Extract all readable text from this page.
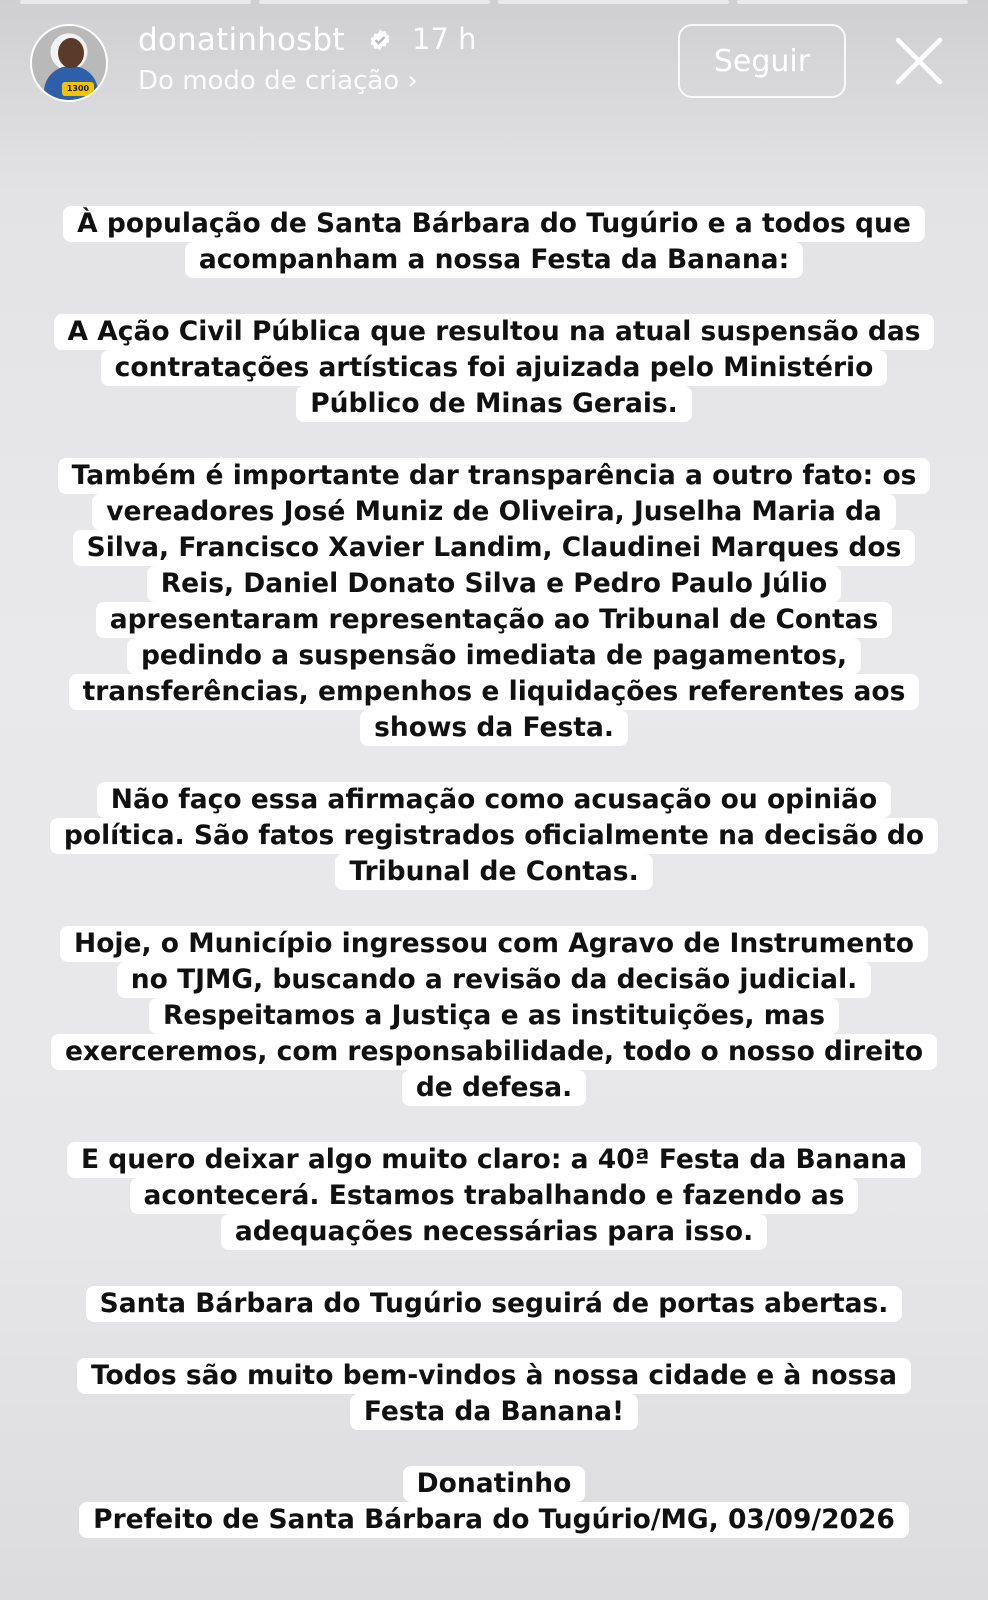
1300
donatinhosbt 17 h
Do modo de criação ›
Seguir
À população de Santa Bárbara do Tugúrio e a todos que
acompanham a nossa Festa da Banana:
A Ação Civil Pública que resultou na atual suspensão das
contratações artísticas foi ajuizada pelo Ministério
Público de Minas Gerais.
Também é importante dar transparência a outro fato: os
vereadores José Muniz de Oliveira, Juselha Maria da
Silva, Francisco Xavier Landim, Claudinei Marques dos
Reis, Daniel Donato Silva e Pedro Paulo Júlio
apresentaram representação ao Tribunal de Contas
pedindo a suspensão imediata de pagamentos,
transferências, empenhos e liquidações referentes aos
shows da Festa.
Não faço essa afirmação como acusação ou opinião
política. São fatos registrados oficialmente na decisão do
Tribunal de Contas.
Hoje, o Município ingressou com Agravo de Instrumento
no TJMG, buscando a revisão da decisão judicial.
Respeitamos a Justiça e as instituições, mas
exerceremos, com responsabilidade, todo o nosso direito
de defesa.
E quero deixar algo muito claro: a 40ª Festa da Banana
acontecerá. Estamos trabalhando e fazendo as
adequações necessárias para isso.
Santa Bárbara do Tugúrio seguirá de portas abertas.
Todos são muito bem-vindos à nossa cidade e à nossa
Festa da Banana!
Donatinho
Prefeito de Santa Bárbara do Tugúrio/MG, 03/09/2026
